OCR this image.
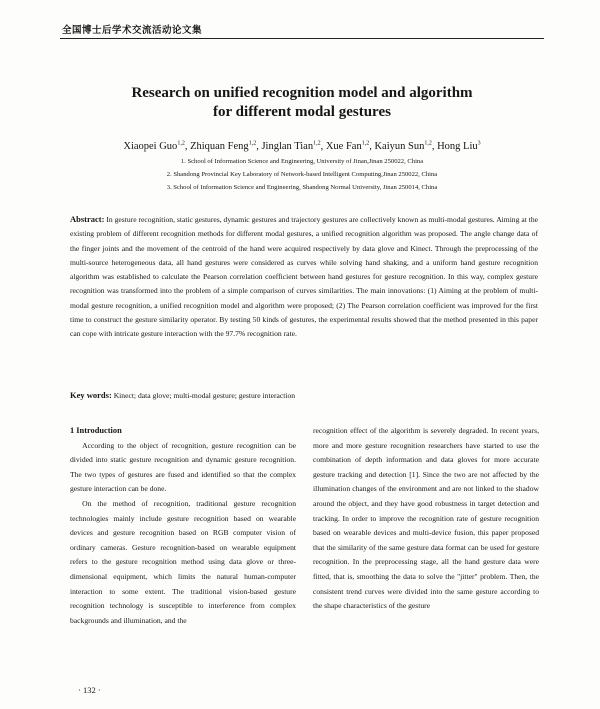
全国博士后学术交流活动论文集
Research on unified recognition model and algorithm
for different modal gestures
Xiaopei Guo$^{1,2}$, Zhiquan Feng$^{1,2}$, Jinglan Tian$^{1,2}$, Xue Fan$^{1,2}$, Kaiyun Sun$^{1,2}$, Hong Liu$^3$
1. School of Information Science and Engineering, University of Jinan,Jinan 250022, China
2. Shandong Provincial Key Laboratory of Network-based Intelligent Computing,Jinan 250022, China
3. School of Information Science and Engineering, Shandong Normal University, Jinan 250014, China
Abstract: In gesture recognition, static gestures, dynamic gestures and trajectory gestures are collectively known as multi-modal gestures. Aiming at the existing problem of different recognition methods for different modal gestures, a unified recognition algorithm was proposed. The angle change data of the finger joints and the movement of the centroid of the hand were acquired respectively by data glove and Kinect. Through the preprocessing of the multi-source heterogeneous data, all hand gestures were considered as curves while solving hand shaking, and a uniform hand gesture recognition algorithm was established to calculate the Pearson correlation coefficient between hand gestures for gesture recognition. In this way, complex gesture recognition was transformed into the problem of a simple comparison of curves similarities. The main innovations: (1) Aiming at the problem of multi-modal gesture recognition, a unified recognition model and algorithm were proposed; (2) The Pearson correlation coefficient was improved for the first time to construct the gesture similarity operator. By testing 50 kinds of gestures, the experimental results showed that the method presented in this paper can cope with intricate gesture interaction with the 97.7% recognition rate.
Key words: Kinect; data glove; multi-modal gesture; gesture interaction
1 Introduction

According to the object of recognition, gesture recognition can be divided into static gesture recognition and dynamic gesture recognition. The two types of gestures are fused and identified so that the complex gesture interaction can be done.

On the method of recognition, traditional gesture recognition technologies mainly include gesture recognition based on wearable devices and gesture recognition based on RGB computer vision of ordinary cameras. Gesture recognition-based on wearable equipment refers to the gesture recognition method using data glove or three-dimensional equipment, which limits the natural human-computer interaction to some extent. The traditional vision-based gesture recognition technology is susceptible to interference from complex backgrounds and illumination, and the

recognition effect of the algorithm is severely degraded. In recent years, more and more gesture recognition researchers have started to use the combination of depth information and data gloves for more accurate gesture tracking and detection [1]. Since the two are not affected by the illumination changes of the environment and are not linked to the shadow around the object, and they have good robustness in target detection and tracking. In order to improve the recognition rate of gesture recognition based on wearable devices and multi-device fusion, this paper proposed that the similarity of the same gesture data format can be used for gesture recognition. In the preprocessing stage, all the hand gesture data were fitted, that is, smoothing the data to solve the "jitter" problem. Then, the consistent trend curves were divided into the same gesture according to the shape characteristics of the gesture

· 132 ·
